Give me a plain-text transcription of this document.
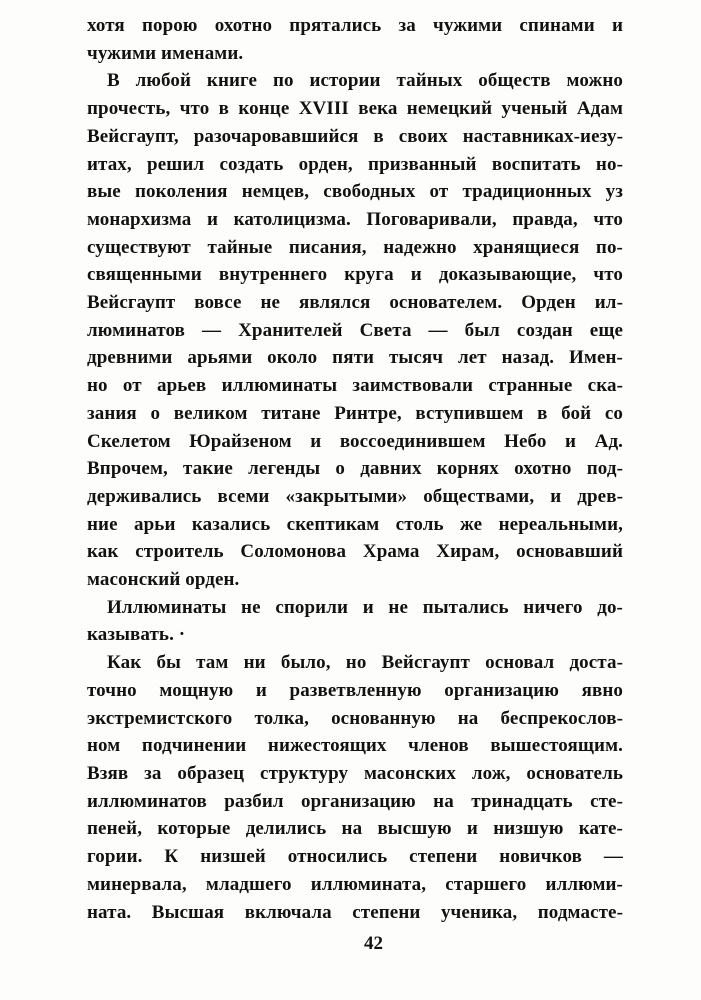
хотя порою охотно прятались за чужими спинами и
чужими именами.
В любой книге по истории тайных обществ можно
прочесть, что в конце XVIII века немецкий ученый Адам
Вейсгаупт, разочаровавшийся в своих наставниках-иезу-
итах, решил создать орден, призванный воспитать но-
вые поколения немцев, свободных от традиционных уз
монархизма и католицизма. Поговаривали, правда, что
существуют тайные писания, надежно хранящиеся по-
священными внутреннего круга и доказывающие, что
Вейсгаупт вовсе не являлся основателем. Орден ил-
люминатов — Хранителей Света — был создан еще
древними арьями около пяти тысяч лет назад. Имен-
но от арьев иллюминаты заимствовали странные ска-
зания о великом титане Ринтре, вступившем в бой со
Скелетом Юрайзеном и воссоединившем Небо и Ад.
Впрочем, такие легенды о давних корнях охотно под-
держивались всеми «закрытыми» обществами, и древ-
ние арьи казались скептикам столь же нереальными,
как строитель Соломонова Храма Хирам, основавший
масонский орден.
Иллюминаты не спорили и не пытались ничего до-
казывать. ·
Как бы там ни было, но Вейсгаупт основал доста-
точно мощную и разветвленную организацию явно
экстремистского толка, основанную на беспрекослов-
ном подчинении нижестоящих членов вышестоящим.
Взяв за образец структуру масонских лож, основатель
иллюминатов разбил организацию на тринадцать сте-
пеней, которые делились на высшую и низшую кате-
гории. К низшей относились степени новичков —
минервала, младшего иллюмината, старшего иллюми-
ната. Высшая включала степени ученика, подмасте-
42
